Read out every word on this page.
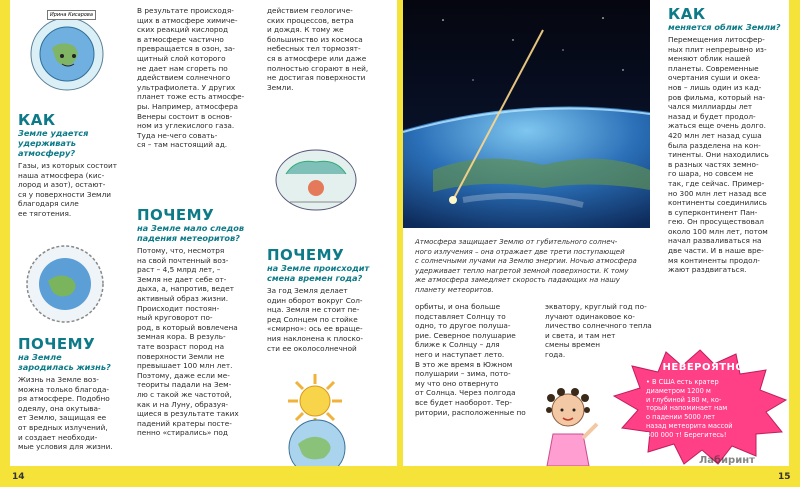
Ирина Кисарова
КАК
Земле удается удерживать атмосферу?

Газы, из которых состоит наша атмосфера (кис-
лород и азот), остают-
ся у поверхности Земли
благодаря силе
ее тяготения.

ПОЧЕМУ
на Земле зародилась жизнь?

Жизнь на Земле воз-
можна только благода-
ря атмосфере. Подобно
одеялу, она окутыва-
ет Землю, защищая ее
от вредных излучений,
и создает необходи-
мые условия для жизни.

В результате происходя-
щих в атмосфере химиче-
ских реакций кислород
в атмосфере частично
превращается в озон, за-
щитный слой которого
не дает нам сгореть по
ддействием солнечного
ультрафиолета. У других
планет тоже есть атмосфе-
ры. Например, атмосфера
Венеры состоит в основ-
ном из углекислого газа.
Туда не-чего совать-
ся – там настоящий ад.

ПОЧЕМУ
на Земле мало следов падения метеоритов?

Потому, что, несмотря
на свой почтенный воз-
раст – 4,5 млрд лет, –
Земля не дает себе от-
дыха, а, напротив, ведет
активный образ жизни.
Происходит постоян-
ный круговорот по-
род, в который вовлечена
земная кора. В резуль-
тате возраст пород на
поверхности Земли не
превышает 100 млн лет.
Поэтому, даже если ме-
теориты падали на Зем-
лю с такой же частотой,
как и на Луну, образуя-
щиеся в результате таких
падений кратеры посте-
пенно «стирались» под

действием геологиче-
ских процессов, ветра
и дождя. К тому же
большинство из космоса
небесных тел тормозят-
ся в атмосфере или даже
полностью сгорают в ней,
не достигая поверхности
Земли.

ПОЧЕМУ
на Земле происходит смена времен года?

За год Земля делает
один оборот вокруг Сол-
нца. Земля не стоит пе-
ред Солнцем по стойке
«смирно»: ось ее враще-
ния наклонена к плоско-
сти ее околосолнечной

Атмосфера защищает Землю от губительного солнеч-
ного излучения – она отражает две трети поступающей
с солнечными лучами на Землю энергии. Ночью атмосфера
удерживает тепло нагретой земной поверхности. К тому
же атмосфера замедляет скорость падающих на нашу
планету метеоритов.

орбиты, и она больше
подставляет Солнцу то
одно, то другое полуша-
рие. Северное полушарие
ближе к Солнцу – для
него и наступает лето.
В это же время в Южном
полушарии – зима, пото-
му что оно отвернуто
от Солнца. Через полгода
все будет наоборот. Тер-
ритории, расположенные по

экватору, круглый год по-
лучают одинаковое ко-
личество солнечного тепла
и света, и там нет
смены времен
года.

КАК
меняется облик Земли?

Перемещения литосфер-
ных плит непрерывно из-
меняют облик нашей
планеты. Современные
очертания суши и океа-
нов – лишь один из кад-
ров фильма, который на-
чался миллиарды лет
назад и будет продол-
жаться еще очень долго.
420 млн лет назад суша
была разделена на кон-
тиненты. Они находились
в разных частях земно-
го шара, но совсем не
так, где сейчас. Пример-
но 300 млн лет назад все
континенты соединились
в суперконтинент Пан-
гею. Он просуществовал
около 100 млн лет, потом
начал разваливаться на
две части. И в наше вре-
мя континенты продол-
жают раздвигаться.

НЕВЕРОЯТНО!
• В США есть кратер
диаметром 1200 м
и глубиной 180 м, ко-
торый напоминает нам
о падении 5000 лет
назад метеорита массой
300 000 т! Берегитесь!
Лабиринт
14	15
